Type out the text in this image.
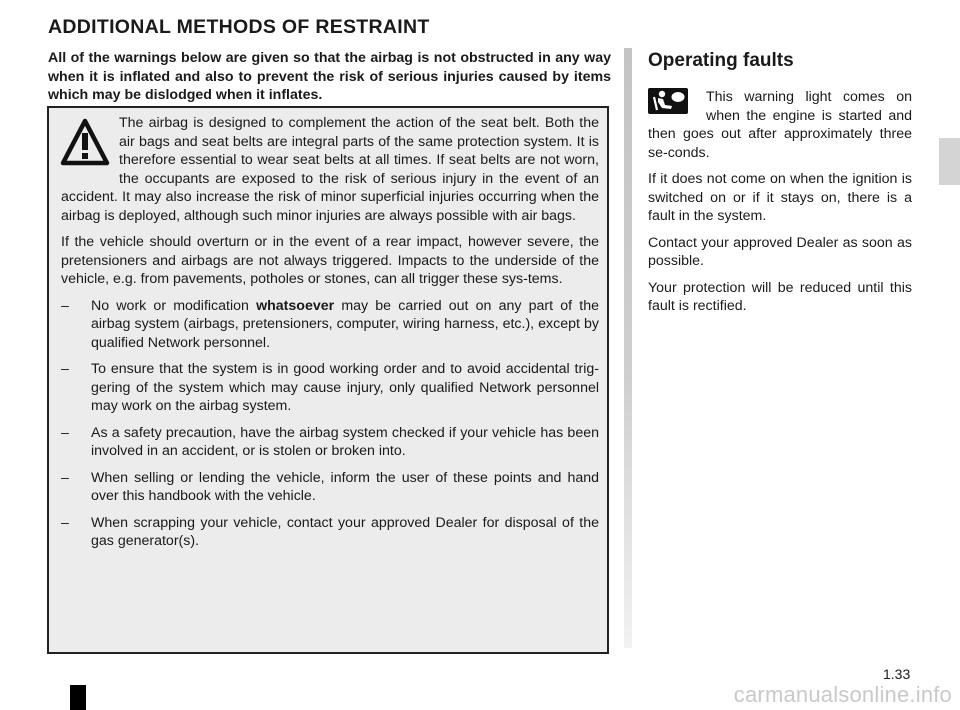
ADDITIONAL METHODS OF RESTRAINT

All of the warnings below are given so that the airbag is not obstructed in any way when it is inflated and also to prevent the risk of serious injuries caused by items which may be dislodged when it inflates.

The airbag is designed to complement the action of the seat belt. Both the air bags and seat belts are integral parts of the same protection system. It is therefore essential to wear seat belts at all times. If seat belts are not worn, the occupants are exposed to the risk of serious injury in the event of an accident. It may also increase the risk of minor superficial injuries occurring when the airbag is deployed, although such minor injuries are always possible with air bags.

If the vehicle should overturn or in the event of a rear impact, however severe, the pretensioners and airbags are not always triggered. Impacts to the underside of the vehicle, e.g. from pavements, potholes or stones, can all trigger these sys-tems.

– No work or modification whatsoever may be carried out on any part of the airbag system (airbags, pretensioners, computer, wiring harness, etc.), except by qualified Network personnel.
– To ensure that the system is in good working order and to avoid accidental trig-gering of the system which may cause injury, only qualified Network personnel may work on the airbag system.
– As a safety precaution, have the airbag system checked if your vehicle has been involved in an accident, or is stolen or broken into.
– When selling or lending the vehicle, inform the user of these points and hand over this handbook with the vehicle.
– When scrapping your vehicle, contact your approved Dealer for disposal of the gas generator(s).
Operating faults

This warning light comes on when the engine is started and then goes out after approximately three se-conds.

If it does not come on when the ignition is switched on or if it stays on, there is a fault in the system.

Contact your approved Dealer as soon as possible.

Your protection will be reduced until this fault is rectified.

1.33
carmanualsonline.info
